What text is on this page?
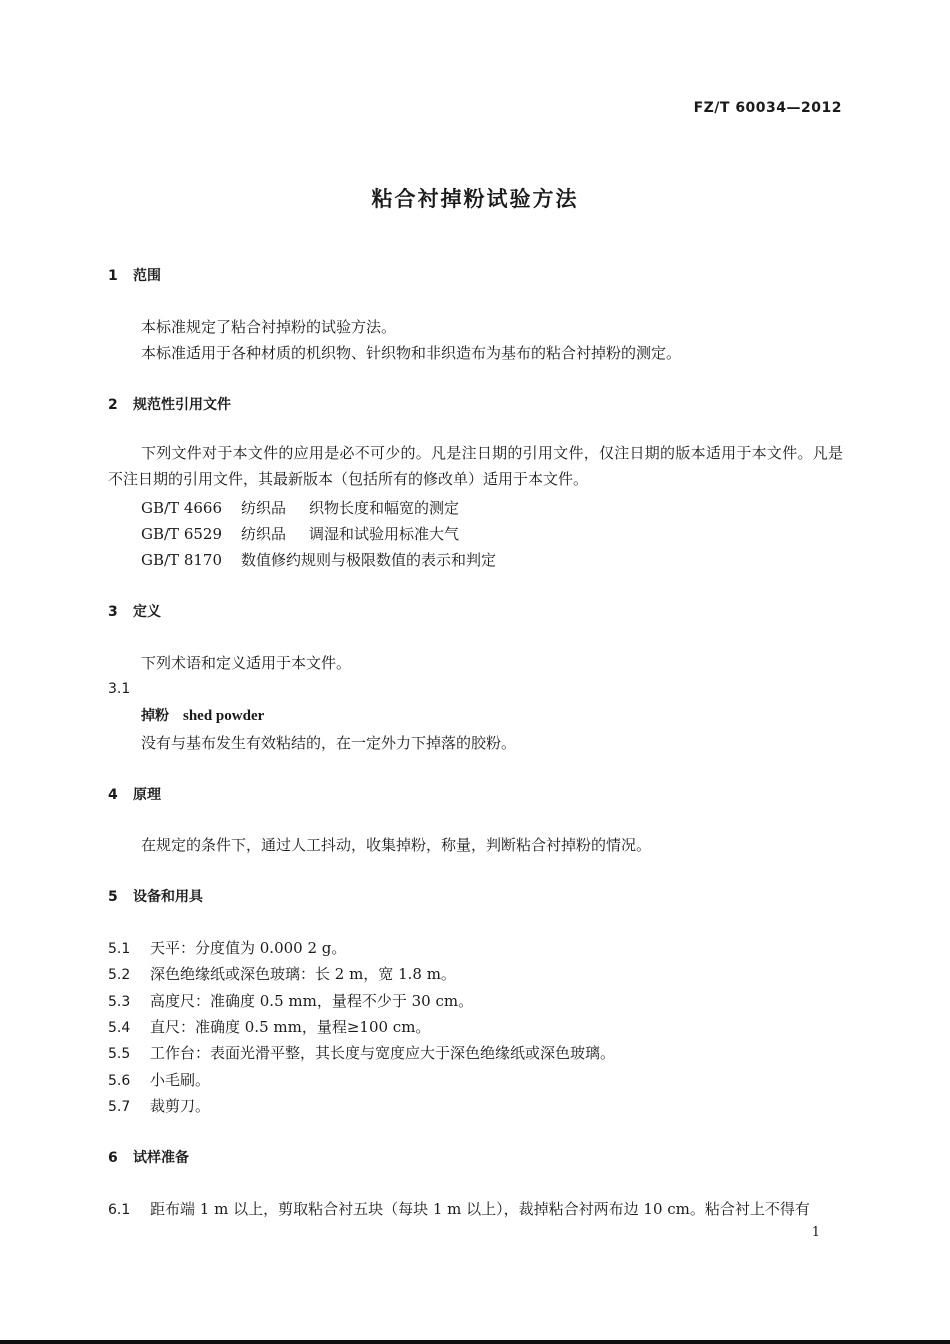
FZ/T 60034—2012
粘合衬掉粉试验方法
1 范围
本标准规定了粘合衬掉粉的试验方法。
本标准适用于各种材质的机织物、针织物和非织造布为基布的粘合衬掉粉的测定。
2 规范性引用文件
下列文件对于本文件的应用是必不可少的。凡是注日期的引用文件，仅注日期的版本适用于本文件。凡是不注日期的引用文件，其最新版本（包括所有的修改单）适用于本文件。
GB/T 4666 纺织品 织物长度和幅宽的测定
GB/T 6529 纺织品 调湿和试验用标准大气
GB/T 8170 数值修约规则与极限数值的表示和判定
3 定义
下列术语和定义适用于本文件。
3.1
掉粉 shed powder
没有与基布发生有效粘结的，在一定外力下掉落的胶粉。
4 原理
在规定的条件下，通过人工抖动，收集掉粉，称量，判断粘合衬掉粉的情况。
5 设备和用具
5.1 天平：分度值为 0.000 2 g。
5.2 深色绝缘纸或深色玻璃：长 2 m，宽 1.8 m。
5.3 高度尺：准确度 0.5 mm，量程不少于 30 cm。
5.4 直尺：准确度 0.5 mm，量程≥100 cm。
5.5 工作台：表面光滑平整，其长度与宽度应大于深色绝缘纸或深色玻璃。
5.6 小毛刷。
5.7 裁剪刀。
6 试样准备
6.1 距布端 1 m 以上，剪取粘合衬五块（每块 1 m 以上），裁掉粘合衬两布边 10 cm。粘合衬上不得有
1
